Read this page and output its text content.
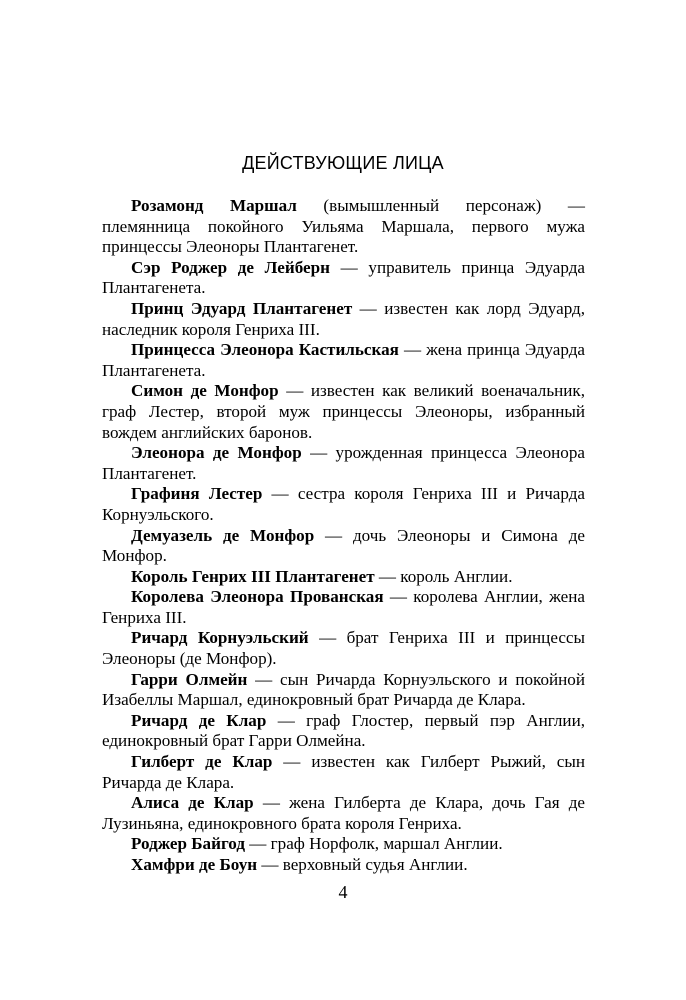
ДЕЙСТВУЮЩИЕ ЛИЦА

Розамонд Маршал (вымышленный персонаж) — племянница покойного Уильяма Маршала, первого мужа принцессы Элеоноры Плантагенет.

Сэр Роджер де Лейберн — управитель принца Эдуарда Плантагенета.

Принц Эдуард Плантагенет — известен как лорд Эдуард, наследник короля Генриха III.

Принцесса Элеонора Кастильская — жена принца Эдуарда Плантагенета.

Симон де Монфор — известен как великий военачальник, граф Лестер, второй муж принцессы Элеоноры, избранный вождем английских баронов.

Элеонора де Монфор — урожденная принцесса Элеонора Плантагенет.

Графиня Лестер — сестра короля Генриха III и Ричарда Корнуэльского.

Демуазель де Монфор — дочь Элеоноры и Симона де Монфор.

Король Генрих III Плантагенет — король Англии.

Королева Элеонора Прованская — королева Англии, жена Генриха III.

Ричард Корнуэльский — брат Генриха III и принцессы Элеоноры (де Монфор).

Гарри Олмейн — сын Ричарда Корнуэльского и покойной Изабеллы Маршал, единокровный брат Ричарда де Клара.

Ричард де Клар — граф Глостер, первый пэр Англии, единокровный брат Гарри Олмейна.

Гилберт де Клар — известен как Гилберт Рыжий, сын Ричарда де Клара.

Алиса де Клар — жена Гилберта де Клара, дочь Гая де Лузиньяна, единокровного брата короля Генриха.

Роджер Байгод — граф Норфолк, маршал Англии.

Хамфри де Боун — верховный судья Англии.

4
